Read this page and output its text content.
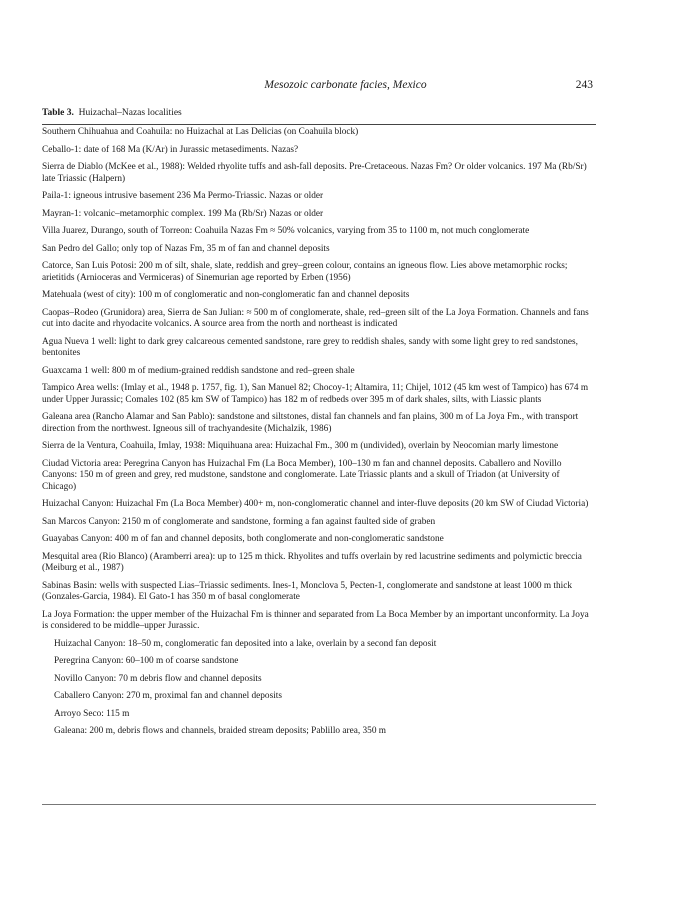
Mesozoic carbonate facies, Mexico	243
Table 3. Huizachal–Nazas localities

Southern Chihuahua and Coahuila: no Huizachal at Las Delicias (on Coahuila block)

Ceballo-1: date of 168 Ma (K/Ar) in Jurassic metasediments. Nazas?

Sierra de Diablo (McKee et al., 1988): Welded rhyolite tuffs and ash-fall deposits. Pre-Cretaceous. Nazas Fm? Or older volcanics. 197 Ma (Rb/Sr) late Triassic (Halpern)

Paila-1: igneous intrusive basement 236 Ma Permo-Triassic. Nazas or older

Mayran-1: volcanic–metamorphic complex. 199 Ma (Rb/Sr) Nazas or older

Villa Juarez, Durango, south of Torreon: Coahuila Nazas Fm ≈ 50% volcanics, varying from 35 to 1100 m, not much conglomerate

San Pedro del Gallo; only top of Nazas Fm, 35 m of fan and channel deposits

Catorce, San Luis Potosi: 200 m of silt, shale, slate, reddish and grey–green colour, contains an igneous flow. Lies above metamorphic rocks; arietitids (Arnioceras and Vermiceras) of Sinemurian age reported by Erben (1956)

Matehuala (west of city): 100 m of conglomeratic and non-conglomeratic fan and channel deposits

Caopas–Rodeo (Grunidora) area, Sierra de San Julian: ≈ 500 m of conglomerate, shale, red–green silt of the La Joya Formation. Channels and fans cut into dacite and rhyodacite volcanics. A source area from the north and northeast is indicated

Agua Nueva 1 well: light to dark grey calcareous cemented sandstone, rare grey to reddish shales, sandy with some light grey to red sandstones, bentonites

Guaxcama 1 well: 800 m of medium-grained reddish sandstone and red–green shale

Tampico Area wells: (Imlay et al., 1948 p. 1757, fig. 1), San Manuel 82; Chocoy-1; Altamira, 11; Chijel, 1012 (45 km west of Tampico) has 674 m under Upper Jurassic; Comales 102 (85 km SW of Tampico) has 182 m of redbeds over 395 m of dark shales, silts, with Liassic plants

Galeana area (Rancho Alamar and San Pablo): sandstone and siltstones, distal fan channels and fan plains, 300 m of La Joya Fm., with transport direction from the northwest. Igneous sill of trachyandesite (Michalzik, 1986)

Sierra de la Ventura, Coahuila, Imlay, 1938: Miquihuana area: Huizachal Fm., 300 m (undivided), overlain by Neocomian marly limestone

Ciudad Victoria area: Peregrina Canyon has Huizachal Fm (La Boca Member), 100–130 m fan and channel deposits. Caballero and Novillo Canyons: 150 m of green and grey, red mudstone, sandstone and conglomerate. Late Triassic plants and a skull of Triadon (at University of Chicago)

Huizachal Canyon: Huizachal Fm (La Boca Member) 400+ m, non-conglomeratic channel and inter-fluve deposits (20 km SW of Ciudad Victoria)

San Marcos Canyon: 2150 m of conglomerate and sandstone, forming a fan against faulted side of graben

Guayabas Canyon: 400 m of fan and channel deposits, both conglomerate and non-conglomeratic sandstone

Mesquital area (Rio Blanco) (Aramberri area): up to 125 m thick. Rhyolites and tuffs overlain by red lacustrine sediments and polymictic breccia (Meiburg et al., 1987)

Sabinas Basin: wells with suspected Lias–Triassic sediments. Ines-1, Monclova 5, Pecten-1, conglomerate and sandstone at least 1000 m thick (Gonzales-Garcia, 1984). El Gato-1 has 350 m of basal conglomerate

La Joya Formation: the upper member of the Huizachal Fm is thinner and separated from La Boca Member by an important unconformity. La Joya is considered to be middle–upper Jurassic.

Huizachal Canyon: 18–50 m, conglomeratic fan deposited into a lake, overlain by a second fan deposit

Peregrina Canyon: 60–100 m of coarse sandstone

Novillo Canyon: 70 m debris flow and channel deposits

Caballero Canyon: 270 m, proximal fan and channel deposits

Arroyo Seco: 115 m

Galeana: 200 m, debris flows and channels, braided stream deposits; Pablillo area, 350 m
